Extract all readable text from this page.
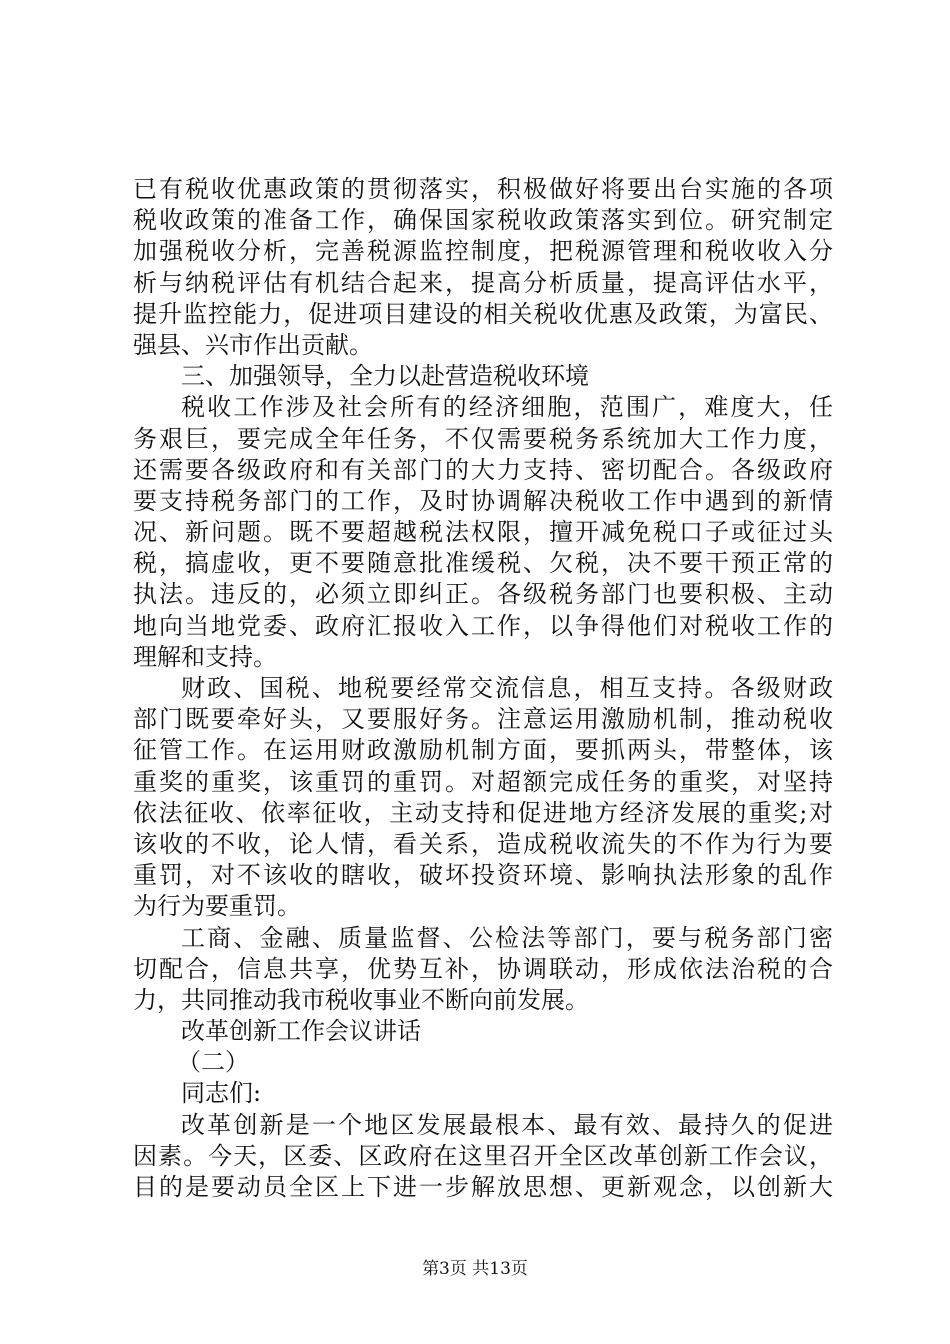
已有税收优惠政策的贯彻落实，积极做好将要出台实施的各项
税收政策的准备工作，确保国家税收政策落实到位。研究制定
加强税收分析，完善税源监控制度，把税源管理和税收收入分
析与纳税评估有机结合起来，提高分析质量，提高评估水平，
提升监控能力，促进项目建设的相关税收优惠及政策，为富民、
强县、兴市作出贡献。
三、加强领导，全力以赴营造税收环境
税收工作涉及社会所有的经济细胞，范围广，难度大，任
务艰巨，要完成全年任务，不仅需要税务系统加大工作力度，
还需要各级政府和有关部门的大力支持、密切配合。各级政府
要支持税务部门的工作，及时协调解决税收工作中遇到的新情
况、新问题。既不要超越税法权限，擅开减免税口子或征过头
税，搞虚收，更不要随意批准缓税、欠税，决不要干预正常的
执法。违反的，必须立即纠正。各级税务部门也要积极、主动
地向当地党委、政府汇报收入工作，以争得他们对税收工作的
理解和支持。
财政、国税、地税要经常交流信息，相互支持。各级财政
部门既要牵好头，又要服好务。注意运用激励机制，推动税收
征管工作。在运用财政激励机制方面，要抓两头，带整体，该
重奖的重奖，该重罚的重罚。对超额完成任务的重奖，对坚持
依法征收、依率征收，主动支持和促进地方经济发展的重奖;对
该收的不收，论人情，看关系，造成税收流失的不作为行为要
重罚，对不该收的瞎收，破坏投资环境、影响执法形象的乱作
为行为要重罚。
工商、金融、质量监督、公检法等部门，要与税务部门密
切配合，信息共享，优势互补，协调联动，形成依法治税的合
力，共同推动我市税收事业不断向前发展。
改革创新工作会议讲话
（二）
同志们:
改革创新是一个地区发展最根本、最有效、最持久的促进
因素。今天，区委、区政府在这里召开全区改革创新工作会议，
目的是要动员全区上下进一步解放思想、更新观念，以创新大
第3页 共13页
